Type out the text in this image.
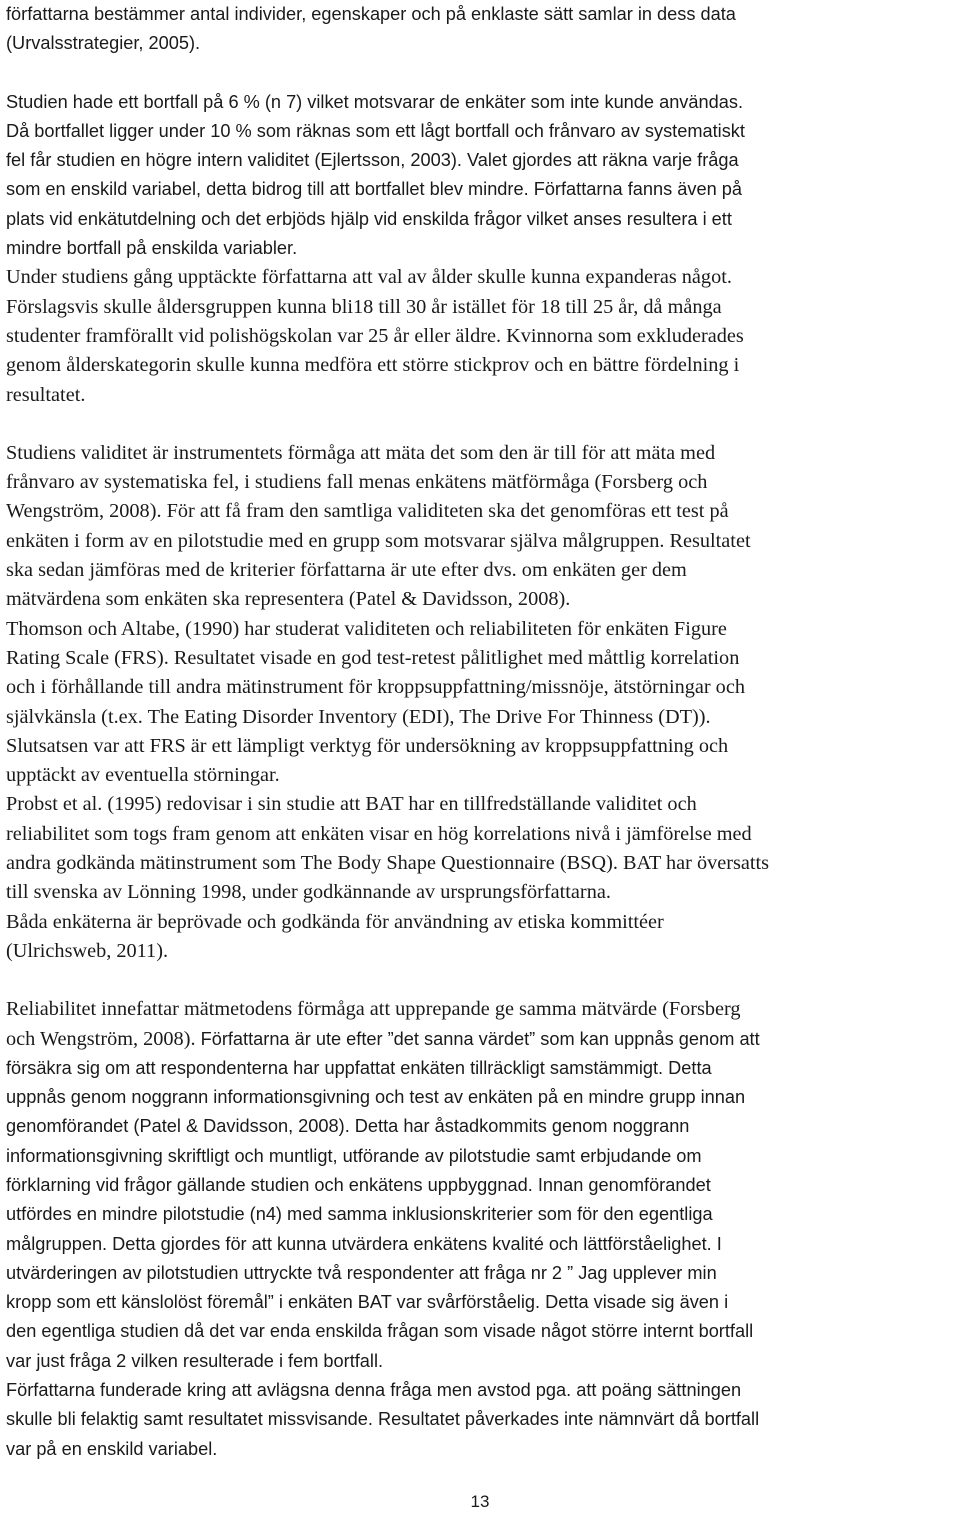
författarna bestämmer antal individer, egenskaper och på enklaste sätt samlar in dess data
(Urvalsstrategier, 2005).
Studien hade ett bortfall på 6 % (n 7) vilket motsvarar de enkäter som inte kunde användas.
Då bortfallet ligger under 10 % som räknas som ett lågt bortfall och frånvaro av systematiskt
fel får studien en högre intern validitet (Ejlertsson, 2003). Valet gjordes att räkna varje fråga
som en enskild variabel, detta bidrog till att bortfallet blev mindre. Författarna fanns även på
plats vid enkätutdelning och det erbjöds hjälp vid enskilda frågor vilket anses resultera i ett
mindre bortfall på enskilda variabler.
Under studiens gång upptäckte författarna att val av ålder skulle kunna expanderas något.
Förslagsvis skulle åldersgruppen kunna bli18 till 30 år istället för 18 till 25 år, då många
studenter framförallt vid polishögskolan var 25 år eller äldre. Kvinnorna som exkluderades
genom ålderskategorin skulle kunna medföra ett större stickprov och en bättre fördelning i
resultatet.
Studiens validitet är instrumentets förmåga att mäta det som den är till för att mäta med
frånvaro av systematiska fel, i studiens fall menas enkätens mätförmåga (Forsberg och
Wengström, 2008). För att få fram den samtliga validiteten ska det genomföras ett test på
enkäten i form av en pilotstudie med en grupp som motsvarar själva målgruppen. Resultatet
ska sedan jämföras med de kriterier författarna är ute efter dvs. om enkäten ger dem
mätvärdena som enkäten ska representera (Patel & Davidsson, 2008).
Thomson och Altabe, (1990) har studerat validiteten och reliabiliteten för enkäten Figure
Rating Scale (FRS). Resultatet visade en god test-retest pålitlighet med måttlig korrelation
och i förhållande till andra mätinstrument för kroppsuppfattning/missnöje, ätstörningar och
självkänsla (t.ex. The Eating Disorder Inventory (EDI), The Drive For Thinness (DT)).
Slutsatsen var att FRS är ett lämpligt verktyg för undersökning av kroppsuppfattning och
upptäckt av eventuella störningar.
Probst et al. (1995) redovisar i sin studie att BAT har en tillfredställande validitet och
reliabilitet som togs fram genom att enkäten visar en hög korrelations nivå i jämförelse med
andra godkända mätinstrument som The Body Shape Questionnaire (BSQ). BAT har översatts
till svenska av Lönning 1998, under godkännande av ursprungsförfattarna.
Båda enkäterna är beprövade och godkända för användning av etiska kommittéer
(Ulrichsweb, 2011).
Reliabilitet innefattar mätmetodens förmåga att upprepande ge samma mätvärde (Forsberg
och Wengström, 2008). Författarna är ute efter ”det sanna värdet” som kan uppnås genom att
försäkra sig om att respondenterna har uppfattat enkäten tillräckligt samstämmigt. Detta
uppnås genom noggrann informationsgivning och test av enkäten på en mindre grupp innan
genomförandet (Patel & Davidsson, 2008). Detta har åstadkommits genom noggrann
informationsgivning skriftligt och muntligt, utförande av pilotstudie samt erbjudande om
förklarning vid frågor gällande studien och enkätens uppbyggnad. Innan genomförandet
utfördes en mindre pilotstudie (n4) med samma inklusionskriterier som för den egentliga
målgruppen. Detta gjordes för att kunna utvärdera enkätens kvalité och lättförståelighet. I
utvärderingen av pilotstudien uttryckte två respondenter att fråga nr 2 ” Jag upplever min
kropp som ett känslolöst föremål” i enkäten BAT var svårförståelig. Detta visade sig även i
den egentliga studien då det var enda enskilda frågan som visade något större internt bortfall
var just fråga 2 vilken resulterade i fem bortfall.
Författarna funderade kring att avlägsna denna fråga men avstod pga. att poäng sättningen
skulle bli felaktig samt resultatet missvisande. Resultatet påverkades inte nämnvärt då bortfall
var på en enskild variabel.
13
